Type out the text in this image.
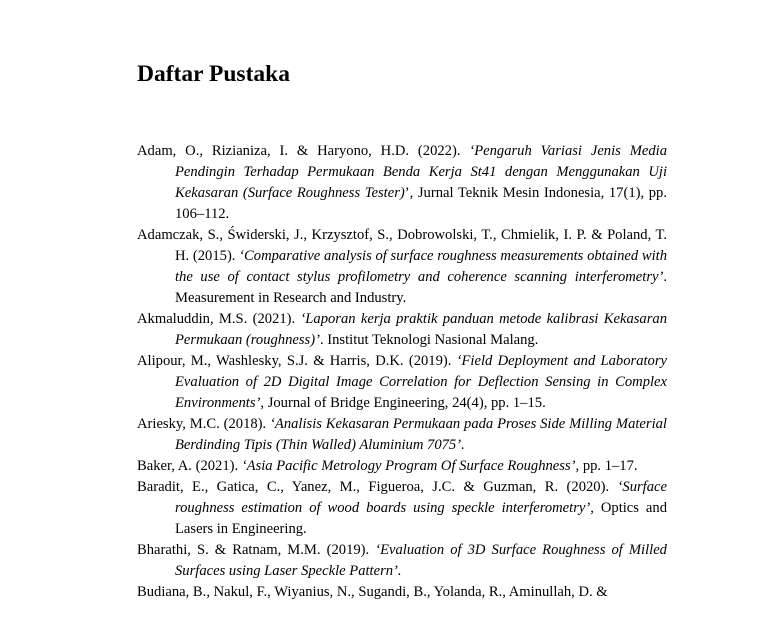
Daftar Pustaka

Adam, O., Rizianiza, I. & Haryono, H.D. (2022). ‘Pengaruh Variasi Jenis Media Pendingin Terhadap Permukaan Benda Kerja St41 dengan Menggunakan Uji Kekasaran (Surface Roughness Tester)’, Jurnal Teknik Mesin Indonesia, 17(1), pp. 106–112.

Adamczak, S., Świderski, J., Krzysztof, S., Dobrowolski, T., Chmielik, I. P. & Poland, T. H. (2015). ‘Comparative analysis of surface roughness measurements obtained with the use of contact stylus profilometry and coherence scanning interferometry’. Measurement in Research and Industry.

Akmaluddin, M.S. (2021). ‘Laporan kerja praktik panduan metode kalibrasi Kekasaran Permukaan (roughness)’. Institut Teknologi Nasional Malang.

Alipour, M., Washlesky, S.J. & Harris, D.K. (2019). ‘Field Deployment and Laboratory Evaluation of 2D Digital Image Correlation for Deflection Sensing in Complex Environments’, Journal of Bridge Engineering, 24(4), pp. 1–15.

Ariesky, M.C. (2018). ‘Analisis Kekasaran Permukaan pada Proses Side Milling Material Berdinding Tipis (Thin Walled) Aluminium 7075’.

Baker, A. (2021). ‘Asia Pacific Metrology Program Of Surface Roughness’, pp. 1–17.

Baradit, E., Gatica, C., Yanez, M., Figueroa, J.C. & Guzman, R. (2020). ‘Surface roughness estimation of wood boards using speckle interferometry’, Optics and Lasers in Engineering.

Bharathi, S. & Ratnam, M.M. (2019). ‘Evaluation of 3D Surface Roughness of Milled Surfaces using Laser Speckle Pattern’.

Budiana, B., Nakul, F., Wiyanius, N., Sugandi, B., Yolanda, R., Aminullah, D. &
